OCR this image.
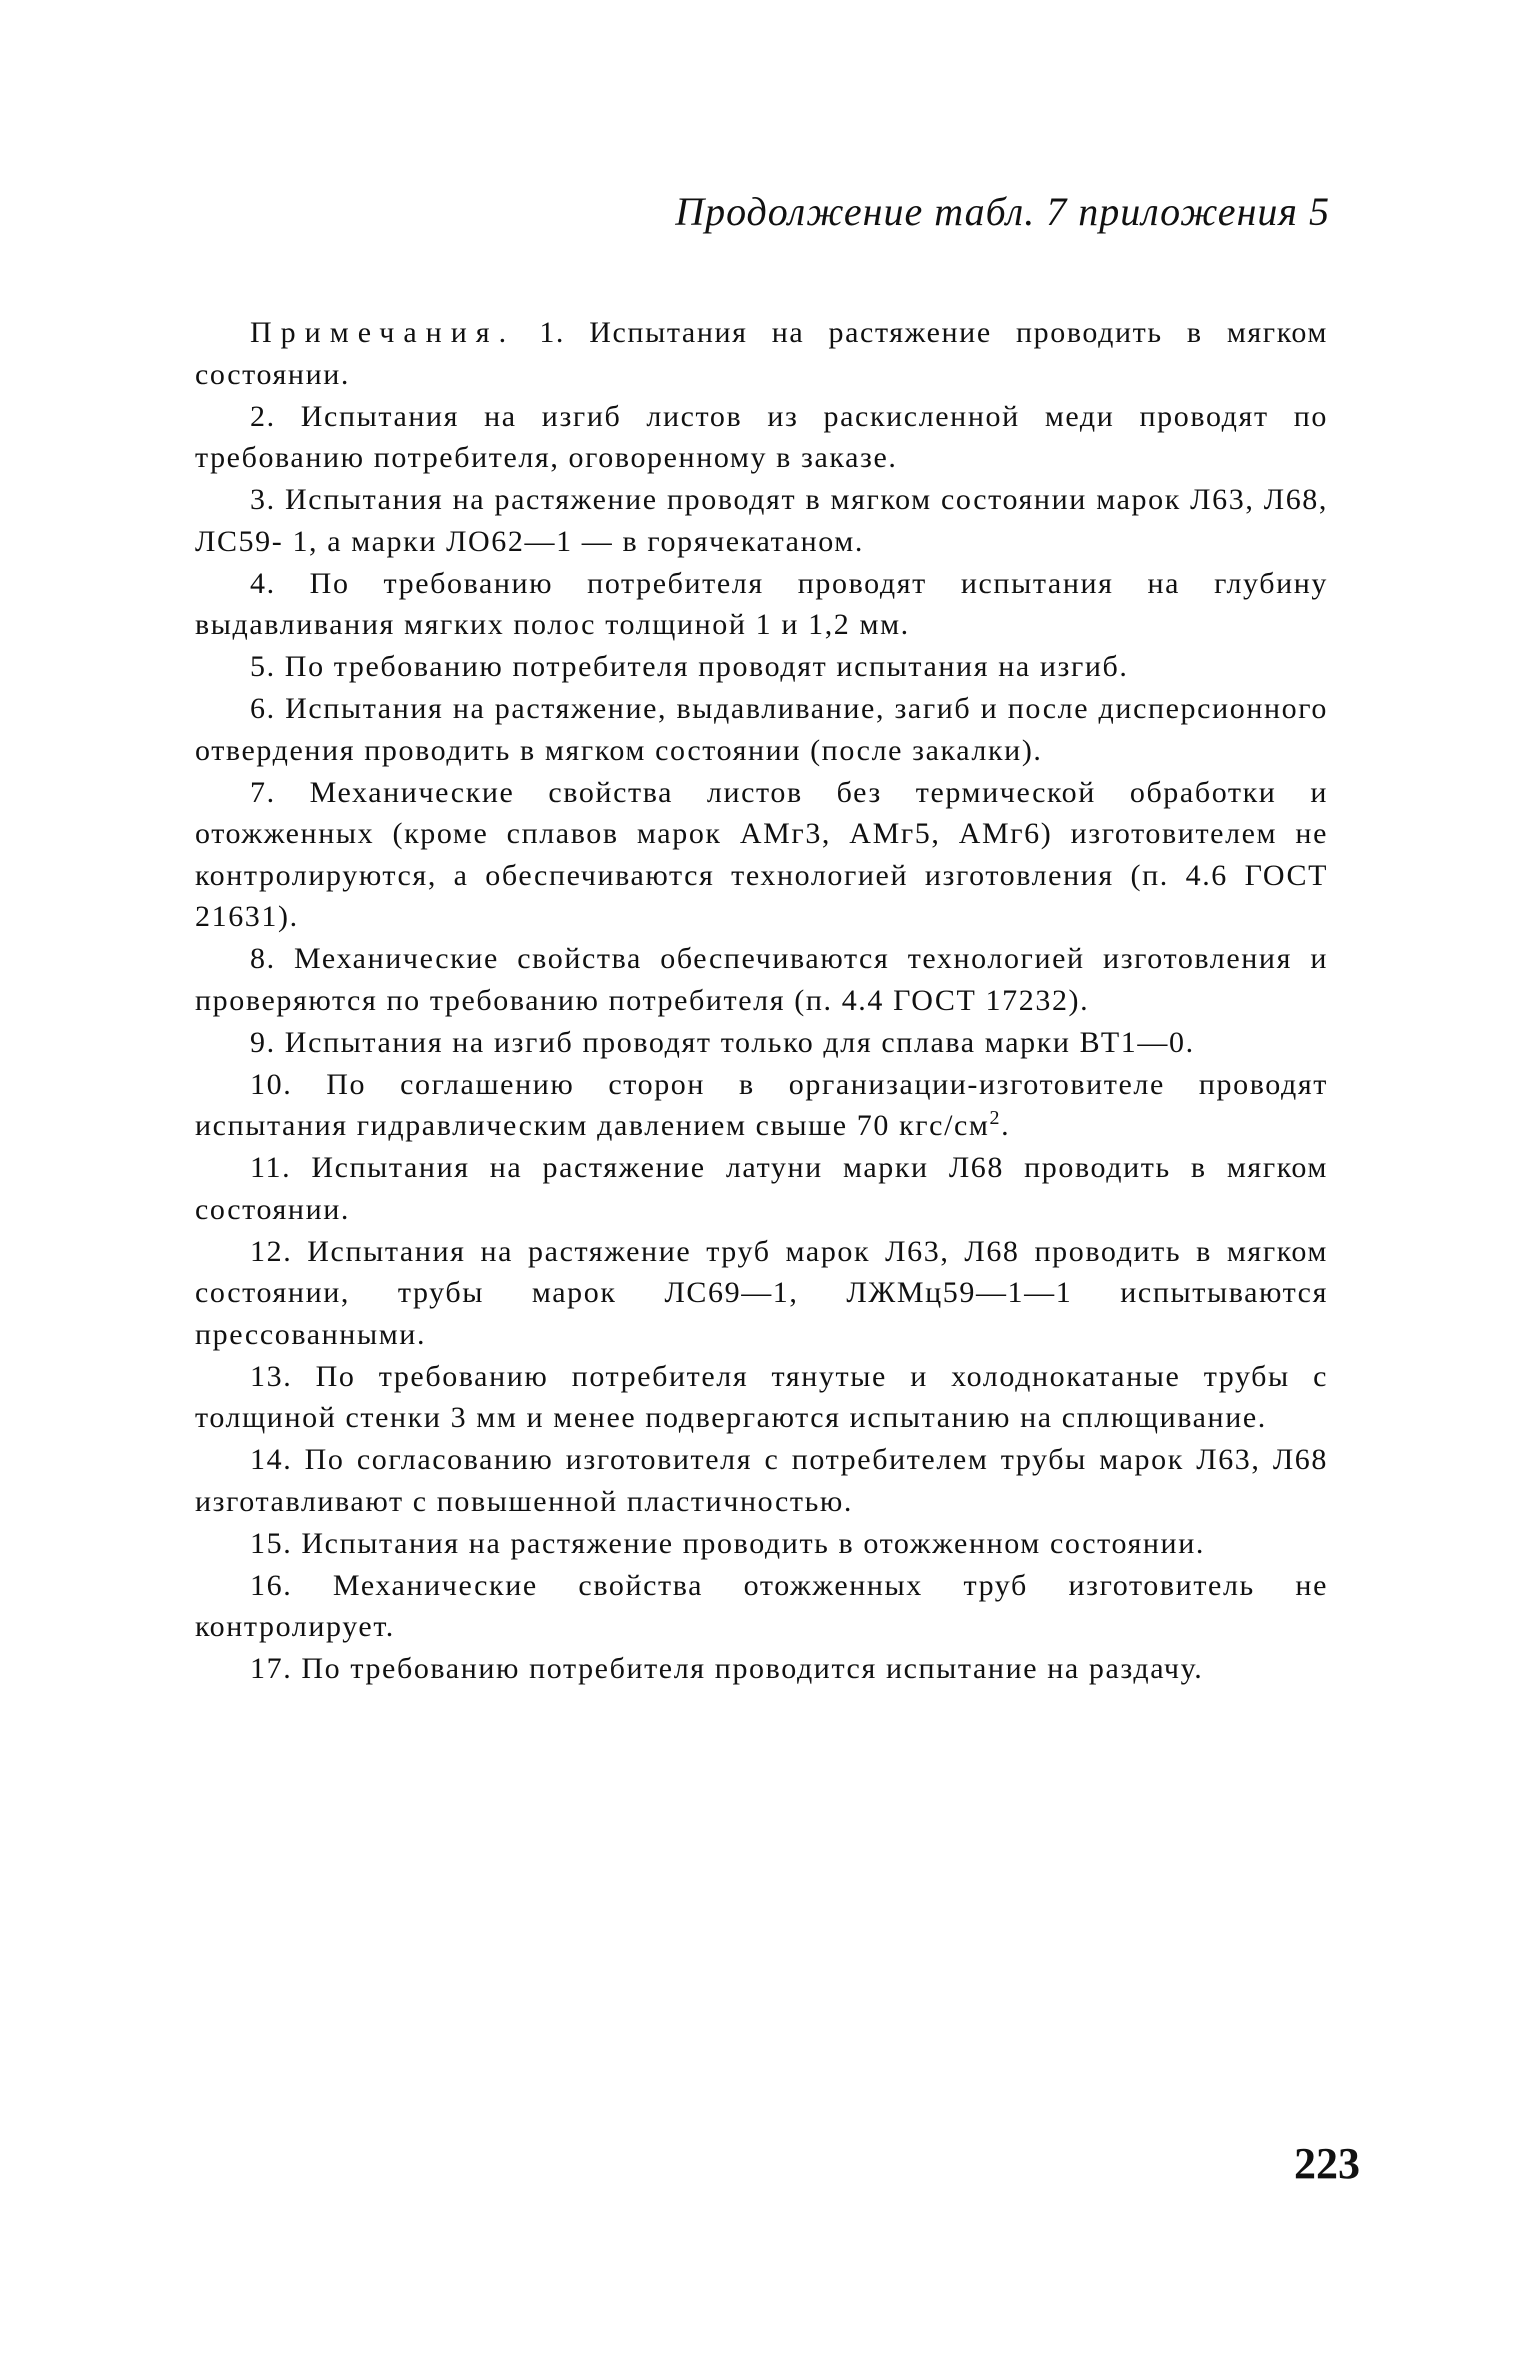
Продолжение табл. 7 приложения 5

Примечания. 1. Испытания на растяжение проводить в мягком состоянии.

2. Испытания на изгиб листов из раскисленной меди проводят по требованию потребителя, оговоренному в заказе.

3. Испытания на растяжение проводят в мягком состоянии марок Л63, Л68, ЛС59- 1, а марки ЛО62—1 — в горячекатаном.

4. По требованию потребителя проводят испытания на глубину выдавливания мягких полос толщиной 1 и 1,2 мм.

5. По требованию потребителя проводят испытания на изгиб.

6. Испытания на растяжение, выдавливание, загиб и после дисперсионного отвердения проводить в мягком состоянии (после закалки).

7. Механические свойства листов без термической обработки и отожженных (кроме сплавов марок АМг3, АМг5, АМг6) изготовителем не контролируются, а обеспечиваются технологией изготовления (п. 4.6 ГОСТ 21631).

8. Механические свойства обеспечиваются технологией изготовления и проверяются по требованию потребителя (п. 4.4 ГОСТ 17232).

9. Испытания на изгиб проводят только для сплава марки ВТ1—0.

10. По соглашению сторон в организации-изготовителе проводят испытания гидравлическим давлением свыше 70 кгс/$см^2$.

11. Испытания на растяжение латуни марки Л68 проводить в мягком состоянии.

12. Испытания на растяжение труб марок Л63, Л68 проводить в мягком состоянии, трубы марок ЛС69—1, ЛЖМц59—1—1 испытываются прессованными.

13. По требованию потребителя тянутые и холоднокатаные трубы с толщиной стенки 3 мм и менее подвергаются испытанию на сплющивание.

14. По согласованию изготовителя с потребителем трубы марок Л63, Л68 изготавливают с повышенной пластичностью.

15. Испытания на растяжение проводить в отожженном состоянии.

16. Механические свойства отожженных труб изготовитель не контролирует.

17. По требованию потребителя проводится испытание на раздачу.

223
